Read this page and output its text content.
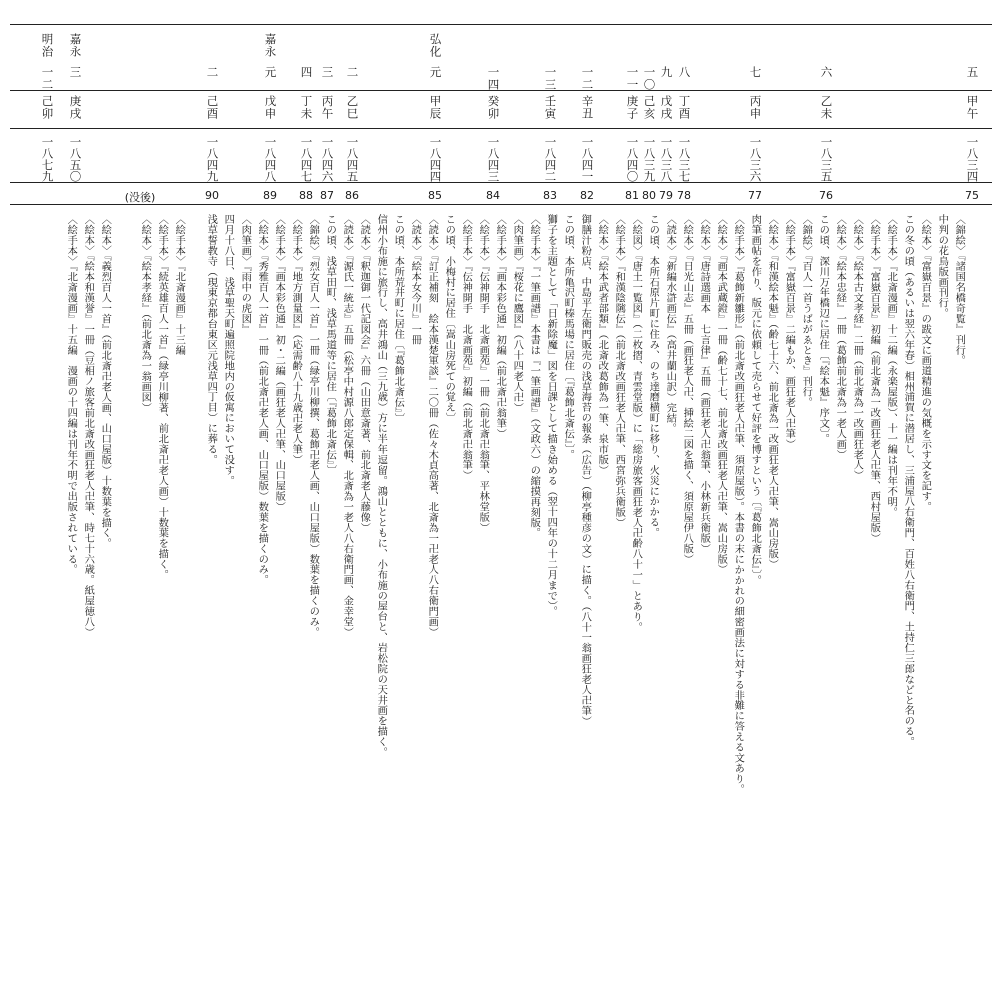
五
甲午
一八三四
75
六
乙未
一八三五
76
七
丙申
一八三六
77
八
丁酉
一八三七
78
九
戊戌
一八三八
79
一〇
己亥
一八三九
80
一一
庚子
一八四〇
81
一二
辛丑
一八四一
82
一三
壬寅
一八四二
83
一四
癸卯
一八四三
84
弘化
元
甲辰
一八四四
85
二
乙巳
一八四五
86
三
丙午
一八四六
87
四
丁未
一八四七
88
嘉永
元
戊申
一八四八
89
二
己酉
一八四九
90
嘉永
三
庚戌
一八五〇
(没後)
明治
一二
己卯
一八七九
〈錦絵〉『諸国名橋奇覧』刊行。
中判の花鳥版画刊行。
〈絵本〉『富嶽百景』の跋文に画道精進の気概を示す文を記す。
この冬の頃（あるいは翌六年春）相州浦賀に潜居し、三浦屋八右衛門、百姓八右衛門、土持仁三郎などと名のる。
〈絵手本〉『北斎漫画』十二編（永楽屋版）、十一編は刊年不明。
〈絵手本〉『富嶽百景』初編（前北斎為一改画狂老人卍筆、西村屋版）
〈絵本〉『絵本古文孝経』二冊（前北斎為一改画狂老人）
〈絵本〉『絵本忠経』一冊（葛飾前北斎為一老人画）
この頃、深川万年橋辺に居住〔『絵本魁』序文〕。
〈錦絵〉『百人一首うばがゑとき』刊行。
〈絵手本〉『富嶽百景』二編もか、画狂老人卍筆）
〈絵本〉『和漢絵本魁』（齢七十六、前北斎為一改画狂老人卍筆、嵩山房版）
肉筆画帖を作り、版元に依頼して売らせて好評を博すという〔『葛飾北斎伝』〕。
〈絵手本〉『葛飾新雛形』（前北斎改画狂老人卍筆、須原屋版）。本書の末にかかれの細密画法に対する非難に答える文あり。
〈絵本〉『画本武蔵鐙』一冊（齢七十七、前北斎改画狂老人卍筆、嵩山房版）
〈絵本〉『唐詩選画本　七言律』五冊（画狂老人卍翁筆、小林新兵衛版）
〈絵本〉『日光山志』五冊（画狂老人卍、挿絵二図を描く、須原屋伊八版）
〈読本〉『新編水滸画伝』（高井蘭山訳）完結。
この頃、本所石原片町に住み、のち達磨横町に移り、火災にかかる。
〈絵図〉『唐土一覧図』（二枚摺、青雲堂版）に「総房旅客画狂老人卍齢八十一」とあり。
〈絵手本〉『和漢陰隲伝』（前北斎改画狂老人卍筆、西宮弥兵衛版）
〈絵本〉『絵本武者部類』（北斎改葛飾為一筆、泉市版）
御膳汁粉店、中島平左衛門販売の浅草海苔の報条（広告）（柳亭種彦の文）に描く。（八十一翁画狂老人卍筆）
この頃、本所亀沢町榛馬場に居住〔『葛飾北斎伝』〕。
獅子を主題として「日新除魔」図を日課として描き始める（翌十四年の十二月まで）。
〈絵手本〉『一筆画譜』本書は『一筆画譜』（文政六）の縮摸再刻版。
〈肉筆画〉『桜花に鷹図』（八十四老人卍）
〈絵手本〉『画本彩色通』初編（前北斎卍翁筆）
〈絵手本〉『伝神開手　北斎画苑』一冊（前北斎卍翁筆、平林堂版）
〈絵手本〉『伝神開手　北斎画苑』初編（前北斎卍翁筆）
この頃、小梅村に居住〔嵩山房死ての覚え〕
〈読本〉『訂正補刻　絵本漢楚軍談』二〇冊（佐々木貞高著、北斎為一卍老人八右衛門画）
〈読本〉『絵本女今川』一冊
この頃、本所荒井町に居住〔『葛飾北斎伝』〕
信州小布施に旅行し、高井鴻山（三九歳）方に半年逗留。鴻山とともに、小布施の屋台と、岩松院の天井画を描く。
〈読本〉『釈迦御一代記図会』六冊（山田意斎著、前北斎老人藤像）
〈読本〉『源氏一統志』五冊（松亭中村源八郎定保輯、北斎為一老人八右衛門画、金幸堂）
この頃、浅草田町、浅草馬道等に居住〔『葛飾北斎伝』〕
〈錦絵〉『烈女百人一首』一冊（緑亭川柳撰、葛飾卍老人画、山口屋版）数葉を描くのみ。
〈絵手本〉『地方測量図』（応需齢八十九歳卍老人筆）
〈絵手本〉『画本彩色通』初・二編（画狂老人卍筆、山口屋版）
〈絵本〉『秀雅百人一首』一冊（前北斎卍老人画、山口屋版）数葉を描くのみ。
〈肉筆画〉『雨中の虎図』
四月十八日、浅草聖天町遍照院地内の仮寓において没す。
浅草誓教寺（現東京都台東区元浅草四丁目）に葬る。
〈絵手本〉『北斎漫画』十三編
〈絵手本〉『続英雄百人一首』（緑亭川柳著、前北斎卍老人画）十数葉を描く。
〈絵本〉『絵本孝経』（前北斎為一翁画図）
〈絵本〉『義烈百人一首』（前北斎卍老人画、山口屋版）十数葉を描く。
〈絵本〉『絵本和漢誉』一冊（豆相ノ旅客前北斎改画狂老人卍筆、時七十六歳。紙屋徳八）
〈絵手本〉『北斎漫画』十五編　漫画の十四編は刊年不明で出版されている。
